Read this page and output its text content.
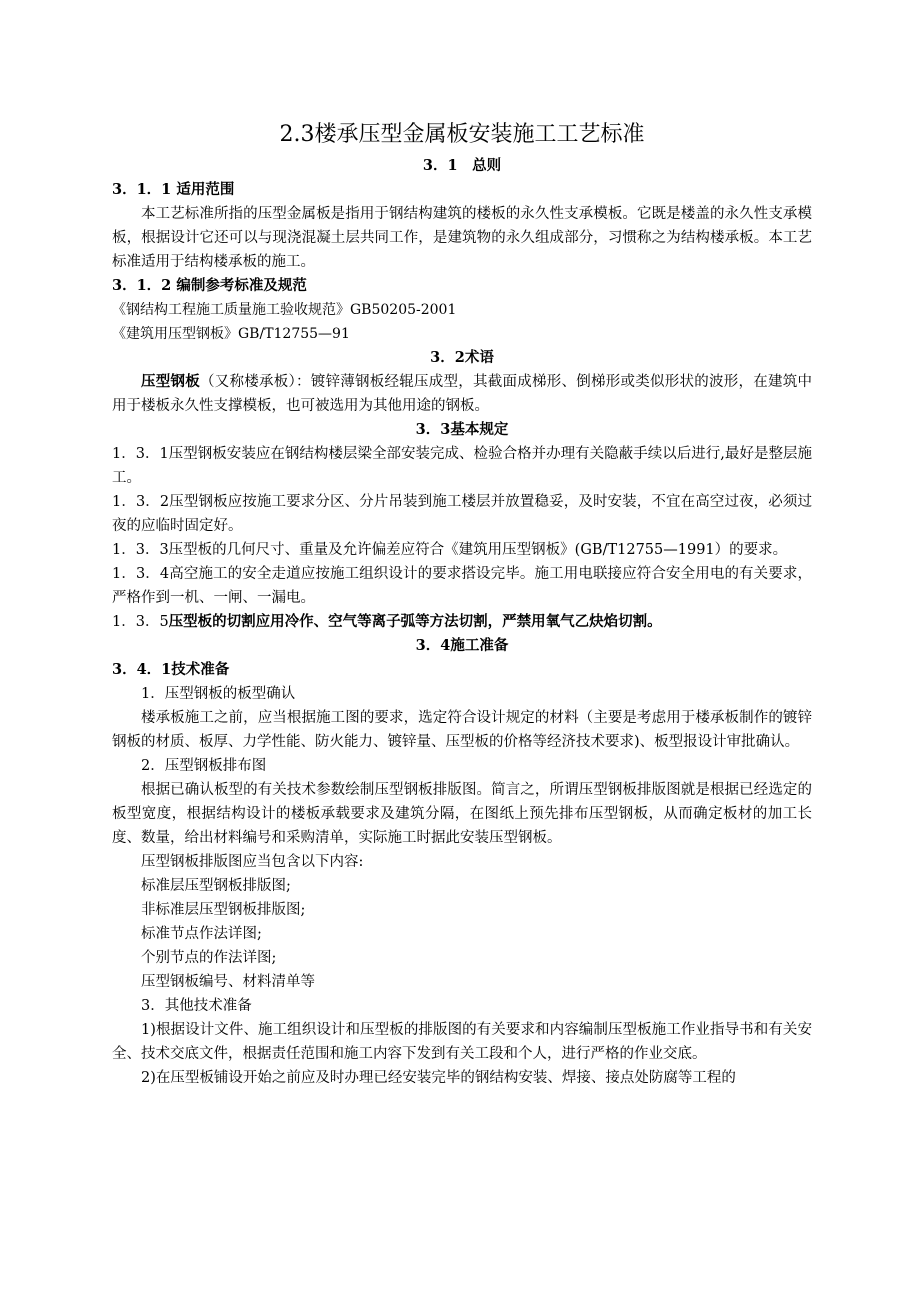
2.3楼承压型金属板安装施工工艺标准
3．1　总则

3．1．1 适用范围

本工艺标准所指的压型金属板是指用于钢结构建筑的楼板的永久性支承模板。它既是楼盖的永久性支承模板，根据设计它还可以与现浇混凝土层共同工作，是建筑物的永久组成部分，习惯称之为结构楼承板。本工艺标准适用于结构楼承板的施工。

3．1．2 编制参考标准及规范

《钢结构工程施工质量施工验收规范》GB50205-2001

《建筑用压型钢板》GB/T12755—91

3．2术语

压型钢板（又称楼承板）：镀锌薄钢板经辊压成型，其截面成梯形、倒梯形或类似形状的波形，在建筑中用于楼板永久性支撑模板，也可被选用为其他用途的钢板。

3．3基本规定

1．3．1压型钢板安装应在钢结构楼层梁全部安装完成、检验合格并办理有关隐蔽手续以后进行,最好是整层施工。

1．3．2压型钢板应按施工要求分区、分片吊装到施工楼层并放置稳妥，及时安装，不宜在高空过夜，必须过夜的应临时固定好。

1．3．3压型板的几何尺寸、重量及允许偏差应符合《建筑用压型钢板》(GB/T12755—1991）的要求。

1．3．4高空施工的安全走道应按施工组织设计的要求搭设完毕。施工用电联接应符合安全用电的有关要求，严格作到一机、一闸、一漏电。

1．3．5压型板的切割应用冷作、空气等离子弧等方法切割，严禁用氧气乙炔焰切割。

3．4施工准备

3．4．1技术准备

1．压型钢板的板型确认

楼承板施工之前，应当根据施工图的要求，选定符合设计规定的材料（主要是考虑用于楼承板制作的镀锌钢板的材质、板厚、力学性能、防火能力、镀锌量、压型板的价格等经济技术要求)、板型报设计审批确认。

2．压型钢板排布图

根据已确认板型的有关技术参数绘制压型钢板排版图。简言之，所谓压型钢板排版图就是根据已经选定的板型宽度，根据结构设计的楼板承载要求及建筑分隔，在图纸上预先排布压型钢板，从而确定板材的加工长度、数量，给出材料编号和采购清单，实际施工时据此安装压型钢板。

压型钢板排版图应当包含以下内容:

标准层压型钢板排版图;

非标准层压型钢板排版图;

标准节点作法详图;

个别节点的作法详图;

压型钢板编号、材料清单等

3．其他技术准备

1)根据设计文件、施工组织设计和压型板的排版图的有关要求和内容编制压型板施工作业指导书和有关安全、技术交底文件，根据责任范围和施工内容下发到有关工段和个人，进行严格的作业交底。

2)在压型板铺设开始之前应及时办理已经安装完毕的钢结构安装、焊接、接点处防腐等工程的
